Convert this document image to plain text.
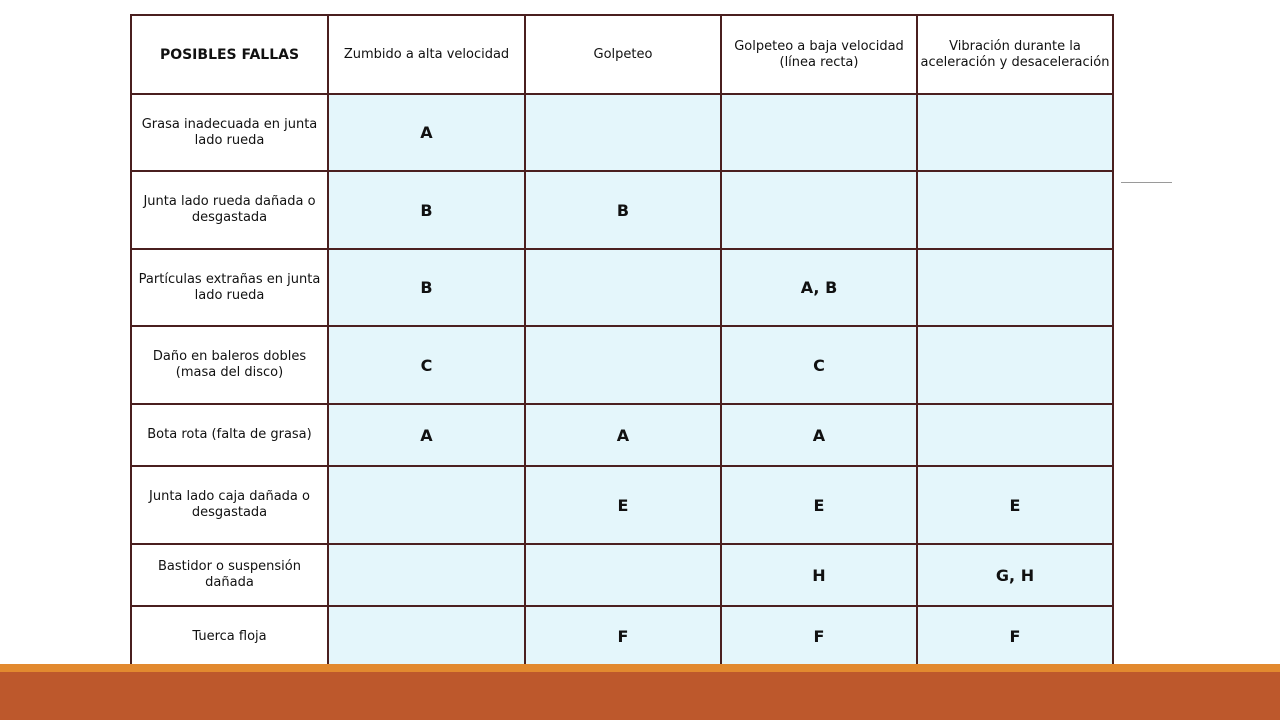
POSIBLES FALLAS	Zumbido a alta velocidad	Golpeteo	Golpeteo a baja velocidad (línea recta)	Vibración durante la aceleración y desaceleración
Grasa inadecuada en junta lado rueda	A			
Junta lado rueda dañada o desgastada	B	B		
Partículas extrañas en junta lado rueda	B		A, B	
Daño en baleros dobles (masa del disco)	C		C	
Bota rota (falta de grasa)	A	A	A	
Junta lado caja dañada o desgastada		E	E	E
Bastidor o suspensión dañada			H	G, H
Tuerca floja		F	F	F
